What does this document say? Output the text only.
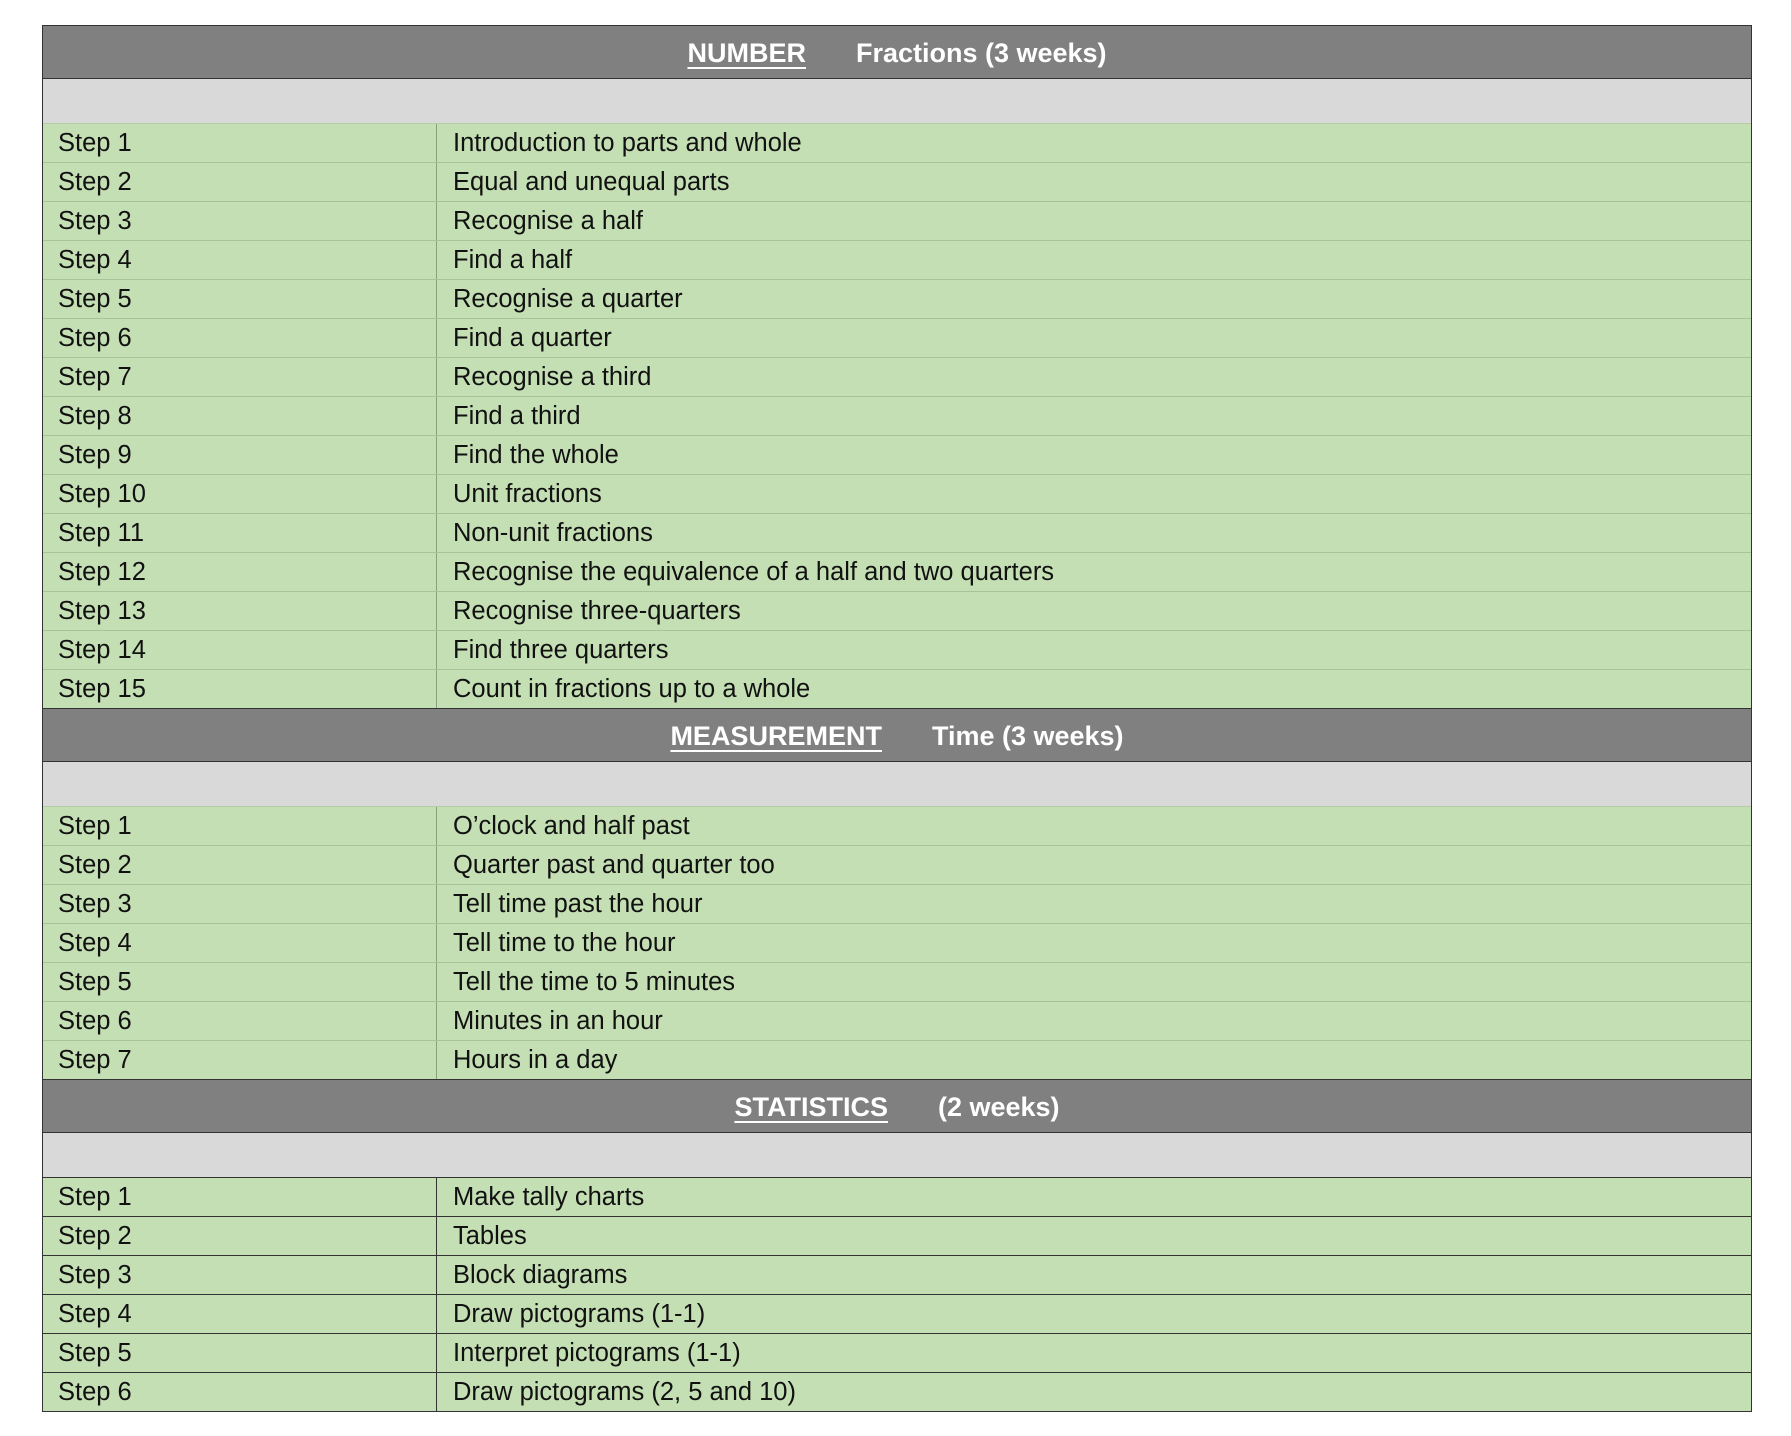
NUMBER Fractions (3 weeks)
Step 1	Introduction to parts and whole
Step 2	Equal and unequal parts
Step 3	Recognise a half
Step 4	Find a half
Step 5	Recognise a quarter
Step 6	Find a quarter
Step 7	Recognise a third
Step 8	Find a third
Step 9	Find the whole
Step 10	Unit fractions
Step 11	Non-unit fractions
Step 12	Recognise the equivalence of a half and two quarters
Step 13	Recognise three-quarters
Step 14	Find three quarters
Step 15	Count in fractions up to a whole
MEASUREMENT Time (3 weeks)
Step 1	O’clock and half past
Step 2	Quarter past and quarter too
Step 3	Tell time past the hour
Step 4	Tell time to the hour
Step 5	Tell the time to 5 minutes
Step 6	Minutes in an hour
Step 7	Hours in a day
STATISTICS (2 weeks)
Step 1	Make tally charts
Step 2	Tables
Step 3	Block diagrams
Step 4	Draw pictograms (1-1)
Step 5	Interpret pictograms (1-1)
Step 6	Draw pictograms (2, 5 and 10)
